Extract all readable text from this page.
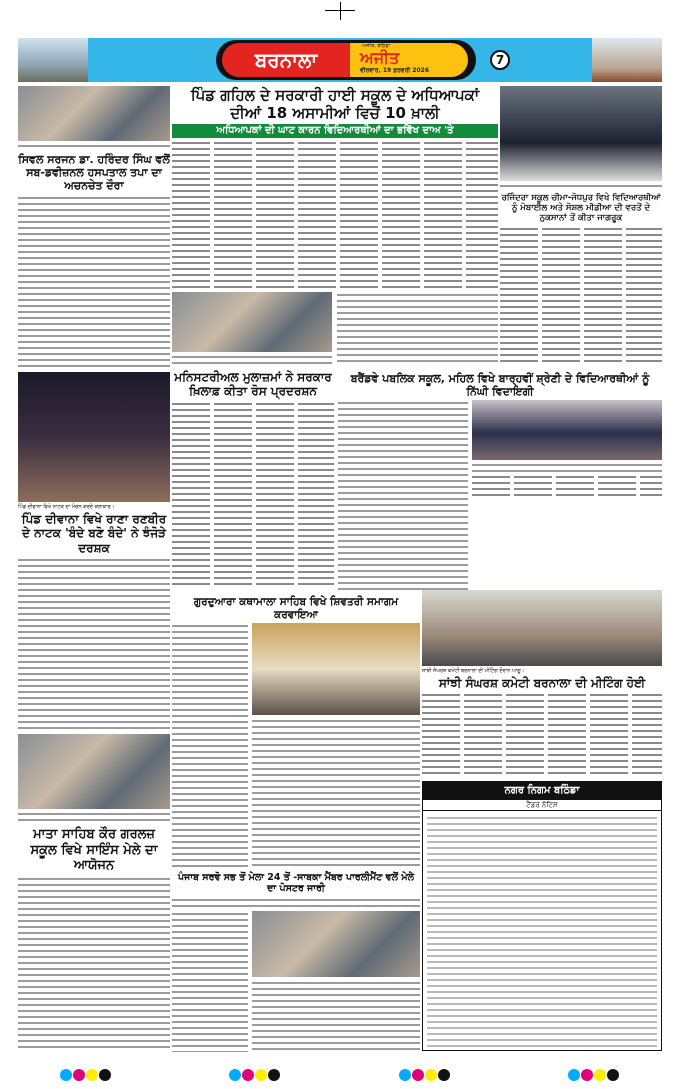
ਬਰਨਾਲਾ
ਅਜੀਤ, ਬਠਿੰਡਾ
ਅਜੀਤ
ਵੀਰਵਾਰ, 19 ਫ਼ਰਵਰੀ 2026
7
ਸਿਵਲ ਸਰਜਨ ਡਾ. ਹਰਿੰਦਰ ਸਿੰਘ ਵਲੋਂ ਸਬ-ਡਵੀਜ਼ਨਲ ਹਸਪਤਾਲ ਤਪਾ ਦਾ ਅਚਨਚੇਤ ਦੌਰਾ
ਪਿੰਡ ਦੀਵਾਨਾ ਵਿਖੇ ਨਾਟਕ ਦਾ ਮੰਚਨ ਕਰਦੇ ਕਲਾਕਾਰ।
ਪਿੰਡ ਦੀਵਾਨਾ ਵਿਖੇ ਰਾਣਾ ਰਣਬੀਰ ਦੇ ਨਾਟਕ 'ਬੰਦੇ ਬਣੋ ਬੰਦੇ' ਨੇ ਝੰਜੋੜੇ ਦਰਸ਼ਕ
ਮਾਤਾ ਸਾਹਿਬ ਕੌਰ ਗਰਲਜ਼ ਸਕੂਲ ਵਿਖੇ ਸਾਇੰਸ ਮੇਲੇ ਦਾ ਆਯੋਜਨ
ਪਿੰਡ ਗਹਿਲ ਦੇ ਸਰਕਾਰੀ ਹਾਈ ਸਕੂਲ ਦੇ ਅਧਿਆਪਕਾਂ
ਦੀਆਂ 18 ਅਸਾਮੀਆਂ ਵਿਚੋਂ 10 ਖ਼ਾਲੀ
ਅਧਿਆਪਕਾਂ ਦੀ ਘਾਟ ਕਾਰਨ ਵਿਦਿਆਰਥੀਆਂ ਦਾ ਭਵਿੱਖ ਦਾਅ 'ਤੇ
ਰਜਿੰਦਰਾ ਸਕੂਲ ਚੀਮਾ-ਜੋਧਪੁਰ ਵਿਖੇ ਵਿਦਿਆਰਥੀਆਂ ਨੂੰ ਮੋਬਾਈਲ ਅਤੇ ਸੋਸ਼ਲ ਮੀਡੀਆ ਦੀ ਵਰਤੋਂ ਦੇ ਨੁਕਸਾਨਾਂ ਤੋਂ ਕੀਤਾ ਜਾਗਰੂਕ
ਮਨਿਸਟਰੀਅਲ ਮੁਲਾਜ਼ਮਾਂ ਨੇ ਸਰਕਾਰ ਖ਼ਿਲਾਫ਼ ਕੀਤਾ ਰੋਸ ਪ੍ਰਦਰਸ਼ਨ
ਬਰੈਂਡਵੇ ਪਬਲਿਕ ਸਕੂਲ, ਮਹਿਲ ਵਿਖੇ ਬਾਰ੍ਹਵੀਂ ਸ਼੍ਰੇਣੀ ਦੇ ਵਿਦਿਆਰਥੀਆਂ ਨੂੰ ਨਿੱਘੀ ਵਿਦਾਇਗੀ
ਗੁਰਦੁਆਰਾ ਕਥਾਮਾਲਾ ਸਾਹਿਬ ਵਿਖੇ ਸ਼ਿਵਤਰੀ ਸਮਾਗਮ ਕਰਵਾਇਆ
ਸਾਂਝੀ ਸੰਘਰਸ਼ ਕਮੇਟੀ ਬਰਨਾਲਾ ਦੀ ਮੀਟਿੰਗ ਦੌਰਾਨ ਆਗੂ।
ਸਾਂਝੀ ਸੰਘਰਸ਼ ਕਮੇਟੀ ਬਰਨਾਲਾ ਦੀ ਮੀਟਿੰਗ ਹੋਈ
ਨਗਰ ਨਿਗਮ ਬਠਿੰਡਾ
ਟੈਂਡਰ ਨੋਟਿਸ
ਪੰਜਾਬ ਸਰਵੋ ਸਭ ਤੋਂ ਮੇਲਾ 24 ਤੋਂ -ਸਾਬਕਾ ਮੈਂਬਰ ਪਾਰਲੀਮੈਂਟ ਵਲੋਂ ਮੇਲੇ ਦਾ ਪੋਸਟਰ ਜਾਰੀ
